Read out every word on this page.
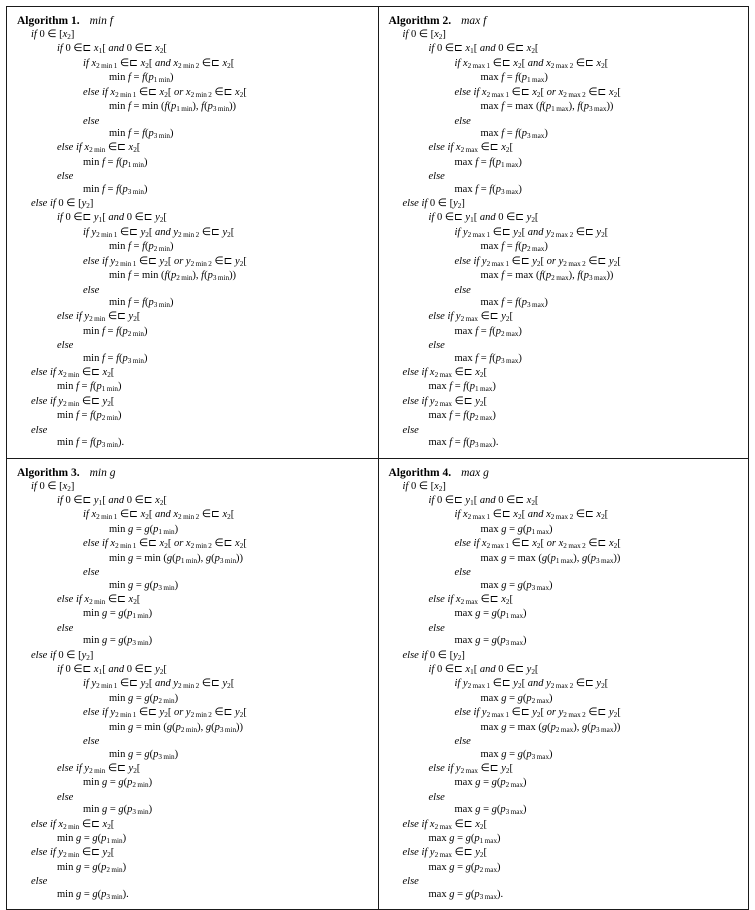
Algorithm 1. min f
if 0 ∈ [x2]
if 0 ∈⊏ x1[ and 0 ∈⊏ x2[
if x2 min 1 ∈⊏ x2[ and x2 min 2 ∈⊏ x2[
min f = f(p1 min)
else if x2 min 1 ∈⊏ x2[ or x2 min 2 ∈⊏ x2[
min f = min (f(p1 min), f(p3 min))
else
min f = f(p3 min)
else if x2 min ∈⊏ x2[
min f = f(p1 min)
else
min f = f(p3 min)
else if 0 ∈ [y2]
if 0 ∈⊏ y1[ and 0 ∈⊏ y2[
if y2 min 1 ∈⊏ y2[ and y2 min 2 ∈⊏ y2[
min f = f(p2 min)
else if y2 min 1 ∈⊏ y2[ or y2 min 2 ∈⊏ y2[
min f = min (f(p2 min), f(p3 min))
else
min f = f(p3 min)
else if y2 min ∈⊏ y2[
min f = f(p2 min)
else
min f = f(p3 min)
else if x2 min ∈⊏ x2[
min f = f(p1 min)
else if y2 min ∈⊏ y2[
min f = f(p2 min)
else
min f = f(p3 min).
Algorithm 2. max f
if 0 ∈ [x2]
if 0 ∈⊏ x1[ and 0 ∈⊏ x2[
if x2 max 1 ∈⊏ x2[ and x2 max 2 ∈⊏ x2[
max f = f(p1 max)
else if x2 max 1 ∈⊏ x2[ or x2 max 2 ∈⊏ x2[
max f = max (f(p1 max), f(p3 max))
else
max f = f(p3 max)
else if x2 max ∈⊏ x2[
max f = f(p1 max)
else
max f = f(p3 max)
else if 0 ∈ [y2]
if 0 ∈⊏ y1[ and 0 ∈⊏ y2[
if y2 max 1 ∈⊏ y2[ and y2 max 2 ∈⊏ y2[
max f = f(p2 max)
else if y2 max 1 ∈⊏ y2[ or y2 max 2 ∈⊏ y2[
max f = max (f(p2 max), f(p3 max))
else
max f = f(p3 max)
else if y2 max ∈⊏ y2[
max f = f(p2 max)
else
max f = f(p3 max)
else if x2 max ∈⊏ x2[
max f = f(p1 max)
else if y2 max ∈⊏ y2[
max f = f(p2 max)
else
max f = f(p3 max).
Algorithm 3. min g
if 0 ∈ [x2]
if 0 ∈⊏ y1[ and 0 ∈⊏ x2[
if x2 min 1 ∈⊏ x2[ and x2 min 2 ∈⊏ x2[
min g = g(p1 min)
else if x2 min 1 ∈⊏ x2[ or x2 min 2 ∈⊏ x2[
min g = min (g(p1 min), g(p3 min))
else
min g = g(p3 min)
else if x2 min ∈⊏ x2[
min g = g(p1 min)
else
min g = g(p3 min)
else if 0 ∈ [y2]
if 0 ∈⊏ x1[ and 0 ∈⊏ y2[
if y2 min 1 ∈⊏ y2[ and y2 min 2 ∈⊏ y2[
min g = g(p2 min)
else if y2 min 1 ∈⊏ y2[ or y2 min 2 ∈⊏ y2[
min g = min (g(p2 min), g(p3 min))
else
min g = g(p3 min)
else if y2 min ∈⊏ y2[
min g = g(p2 min)
else
min g = g(p3 min)
else if x2 min ∈⊏ x2[
min g = g(p1 min)
else if y2 min ∈⊏ y2[
min g = g(p2 min)
else
min g = g(p3 min).
Algorithm 4. max g
if 0 ∈ [x2]
if 0 ∈⊏ y1[ and 0 ∈⊏ x2[
if x2 max 1 ∈⊏ x2[ and x2 max 2 ∈⊏ x2[
max g = g(p1 max)
else if x2 max 1 ∈⊏ x2[ or x2 max 2 ∈⊏ x2[
max g = max (g(p1 max), g(p3 max))
else
max g = g(p3 max)
else if x2 max ∈⊏ x2[
max g = g(p1 max)
else
max g = g(p3 max)
else if 0 ∈ [y2]
if 0 ∈⊏ x1[ and 0 ∈⊏ y2[
if y2 max 1 ∈⊏ y2[ and y2 max 2 ∈⊏ y2[
max g = g(p2 max)
else if y2 max 1 ∈⊏ y2[ or y2 max 2 ∈⊏ y2[
max g = max (g(p2 max), g(p3 max))
else
max g = g(p3 max)
else if y2 max ∈⊏ y2[
max g = g(p2 max)
else
max g = g(p3 max)
else if x2 max ∈⊏ x2[
max g = g(p1 max)
else if y2 max ∈⊏ y2[
max g = g(p2 max)
else
max g = g(p3 max).
